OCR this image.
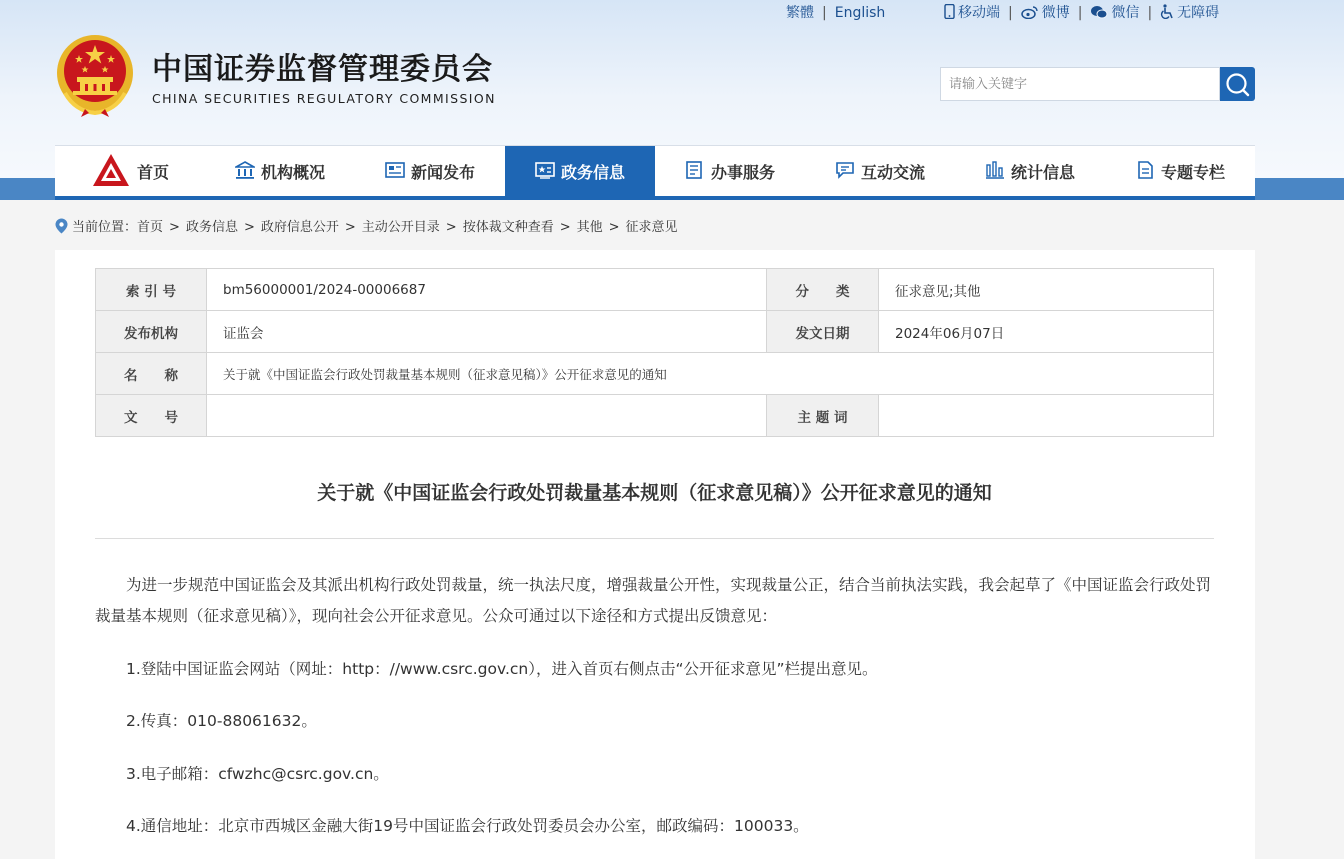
繁體 | English	移动端 | 微博 | 微信 | 无障碍
中国证券监督管理委员会
CHINA SECURITIES REGULATORY COMMISSION
请输入关键字
首页	机构概况	新闻发布	政务信息	办事服务	互动交流	统计信息	专题专栏
当前位置：首页 > 政务信息 > 政府信息公开 > 主动公开目录 > 按体裁文种查看 > 其他 > 征求意见
索 引 号	bm56000001/2024-00006687	分　　类	征求意见;其他
发布机构	证监会	发文日期	2024年06月07日
名　　称	关于就《中国证监会行政处罚裁量基本规则（征求意见稿）》公开征求意见的通知		
文　　号		主 题 词	
关于就《中国证监会行政处罚裁量基本规则（征求意见稿）》公开征求意见的通知
为进一步规范中国证监会及其派出机构行政处罚裁量，统一执法尺度，增强裁量公开性，实现裁量公正，结合当前执法实践，我会起草了《中国证监会行政处罚裁量基本规则（征求意见稿）》，现向社会公开征求意见。公众可通过以下途径和方式提出反馈意见：
1.登陆中国证监会网站（网址：http：//www.csrc.gov.cn），进入首页右侧点击“公开征求意见”栏提出意见。
2.传真：010-88061632。
3.电子邮箱：cfwzhc@csrc.gov.cn。
4.通信地址：北京市西城区金融大街19号中国证监会行政处罚委员会办公室，邮政编码：100033。
